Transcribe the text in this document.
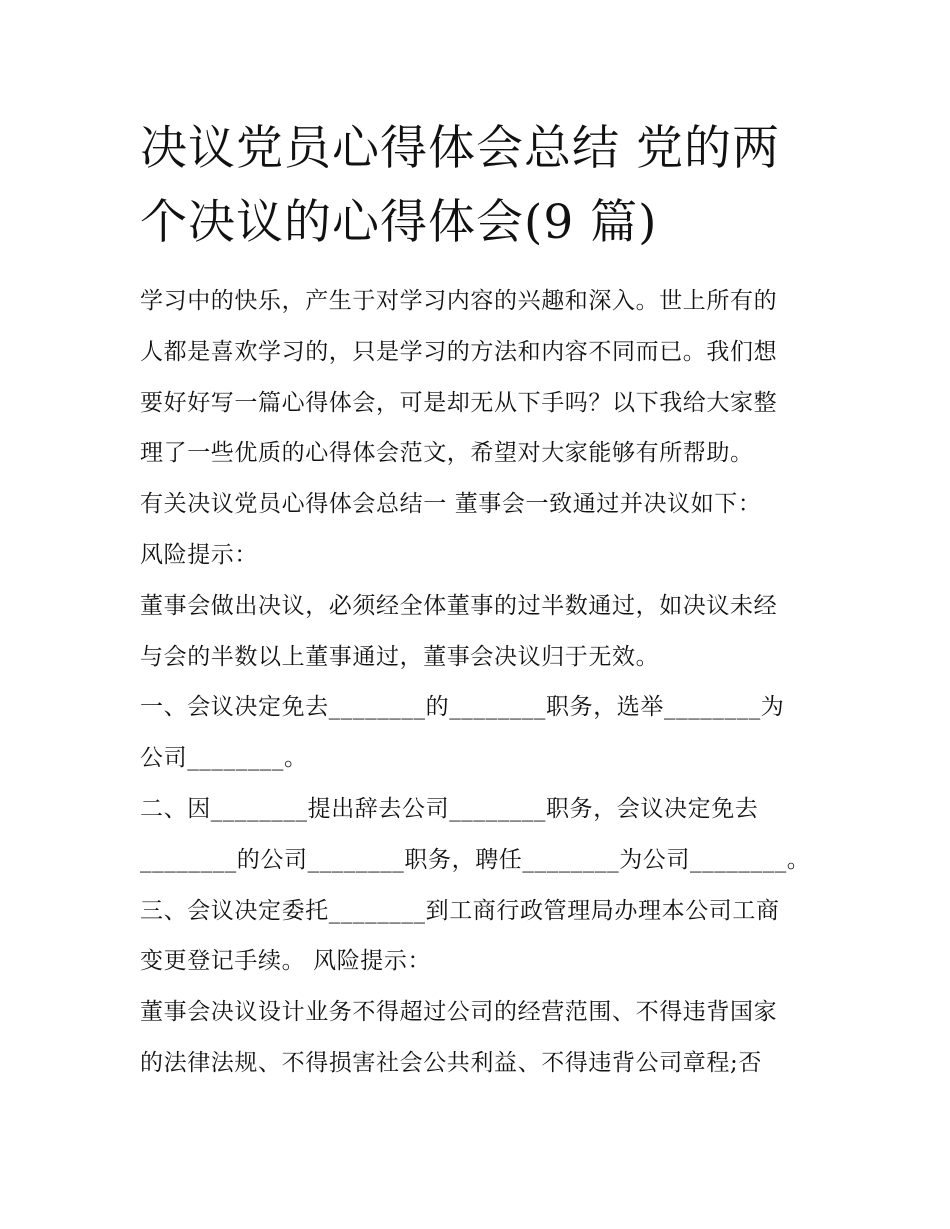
决议党员心得体会总结 党的两
个决议的心得体会(9 篇)
学习中的快乐，产生于对学习内容的兴趣和深入。世上所有的
人都是喜欢学习的，只是学习的方法和内容不同而已。我们想
要好好写一篇心得体会，可是却无从下手吗？以下我给大家整
理了一些优质的心得体会范文，希望对大家能够有所帮助。
有关决议党员心得体会总结一 董事会一致通过并决议如下：
风险提示：
董事会做出决议，必须经全体董事的过半数通过，如决议未经
与会的半数以上董事通过，董事会决议归于无效。
一、会议决定免去________的________职务，选举________为
公司________。
二、因________提出辞去公司________职务，会议决定免去
________的公司________职务，聘任________为公司________。
三、会议决定委托________到工商行政管理局办理本公司工商
变更登记手续。 风险提示：
董事会决议设计业务不得超过公司的经营范围、不得违背国家
的法律法规、不得损害社会公共利益、不得违背公司章程;否
